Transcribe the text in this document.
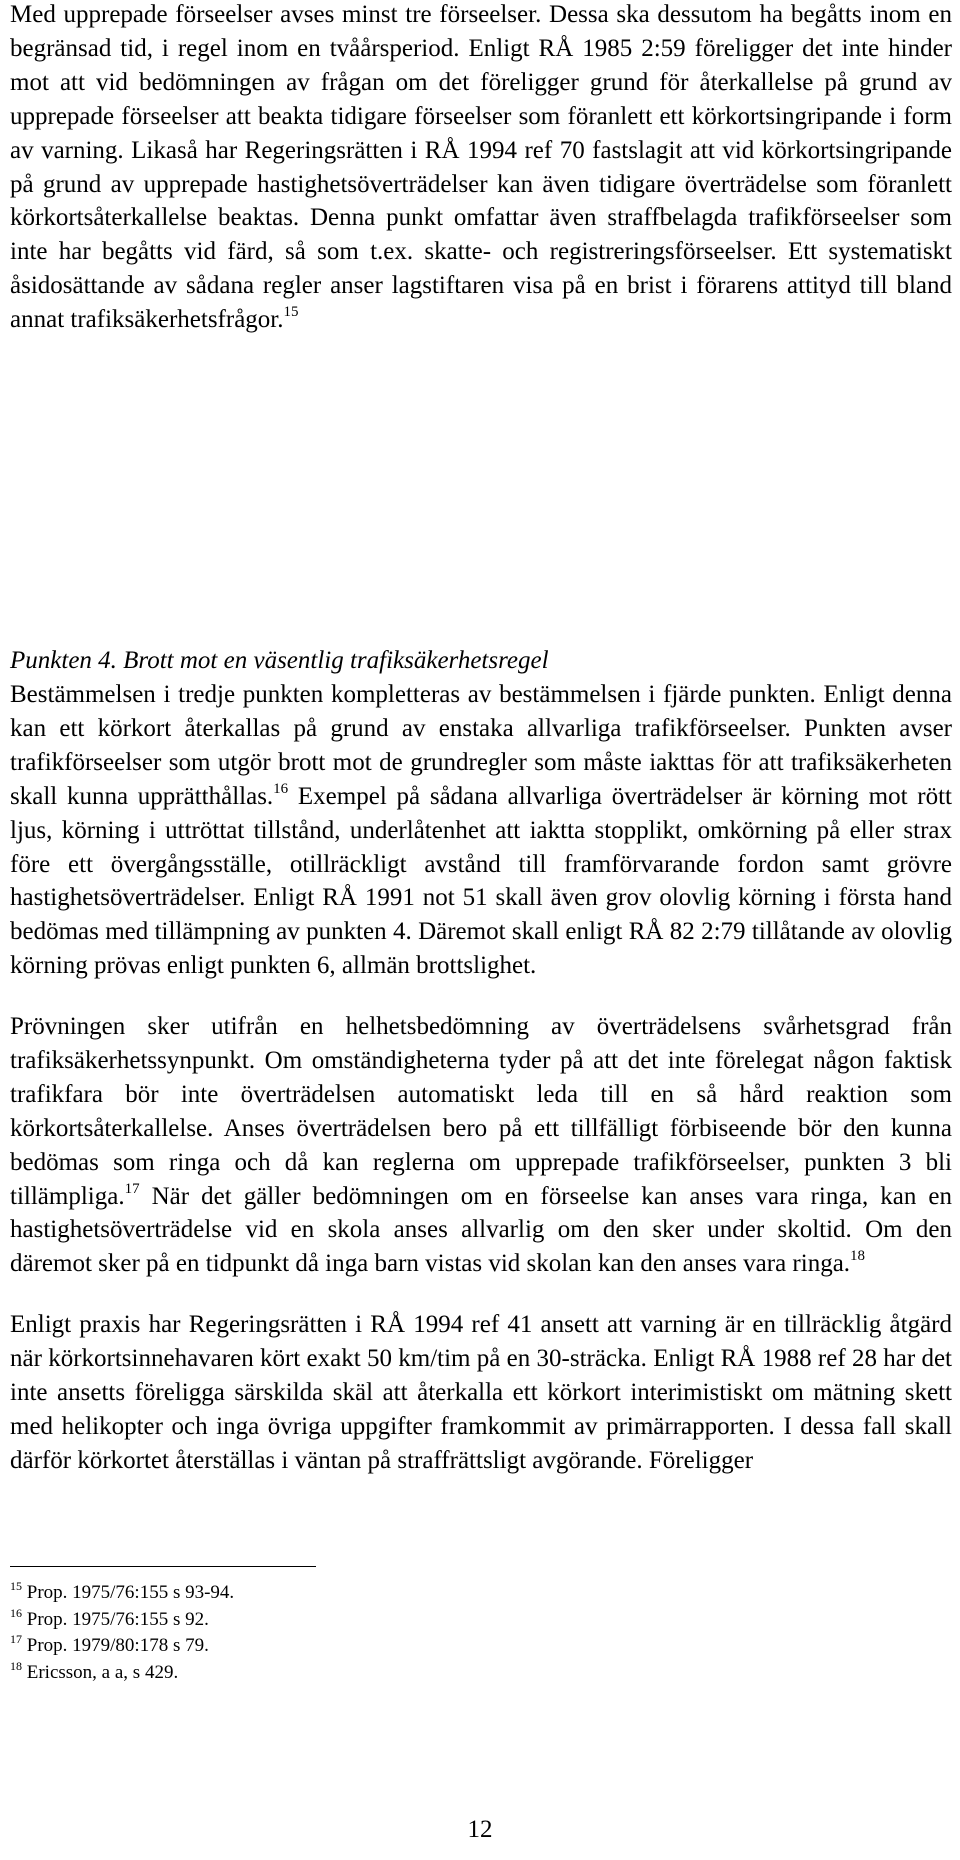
Med upprepade förseelser avses minst tre förseelser. Dessa ska dessutom ha begåtts inom en begränsad tid, i regel inom en tvåårsperiod. Enligt RÅ 1985 2:59 föreligger det inte hinder mot att vid bedömningen av frågan om det föreligger grund för återkallelse på grund av upprepade förseelser att beakta tidigare förseelser som föranlett ett körkortsingripande i form av varning. Likaså har Regeringsrätten i RÅ 1994 ref 70 fastslagit att vid körkortsingripande på grund av upprepade hastighetsöverträdelser kan även tidigare överträdelse som föranlett körkortsåterkallelse beaktas. Denna punkt omfattar även straffbelagda trafikförseelser som inte har begåtts vid färd, så som t.ex. skatte- och registreringsförseelser. Ett systematiskt åsidosättande av sådana regler anser lagstiftaren visa på en brist i förarens attityd till bland annat trafiksäkerhetsfrågor.$^{15}$

Punkten 4. Brott mot en väsentlig trafiksäkerhetsregel

Bestämmelsen i tredje punkten kompletteras av bestämmelsen i fjärde punkten. Enligt denna kan ett körkort återkallas på grund av enstaka allvarliga trafikförseelser. Punkten avser trafikförseelser som utgör brott mot de grundregler som måste iakttas för att trafiksäkerheten skall kunna upprätthållas.$^{16}$ Exempel på sådana allvarliga överträdelser är körning mot rött ljus, körning i uttröttat tillstånd, underlåtenhet att iaktta stopplikt, omkörning på eller strax före ett övergångsställe, otillräckligt avstånd till framförvarande fordon samt grövre hastighetsöverträdelser. Enligt RÅ 1991 not 51 skall även grov olovlig körning i första hand bedömas med tillämpning av punkten 4. Däremot skall enligt RÅ 82 2:79 tillåtande av olovlig körning prövas enligt punkten 6, allmän brottslighet.

Prövningen sker utifrån en helhetsbedömning av överträdelsens svårhetsgrad från trafiksäkerhetssynpunkt. Om omständigheterna tyder på att det inte förelegat någon faktisk trafikfara bör inte överträdelsen automatiskt leda till en så hård reaktion som körkortsåterkallelse. Anses överträdelsen bero på ett tillfälligt förbiseende bör den kunna bedömas som ringa och då kan reglerna om upprepade trafikförseelser, punkten 3 bli tillämpliga.$^{17}$ När det gäller bedömningen om en förseelse kan anses vara ringa, kan en hastighetsöverträdelse vid en skola anses allvarlig om den sker under skoltid. Om den däremot sker på en tidpunkt då inga barn vistas vid skolan kan den anses vara ringa.$^{18}$

Enligt praxis har Regeringsrätten i RÅ 1994 ref 41 ansett att varning är en tillräcklig åtgärd när körkortsinnehavaren kört exakt 50 km/tim på en 30-sträcka. Enligt RÅ 1988 ref 28 har det inte ansetts föreligga särskilda skäl att återkalla ett körkort interimistiskt om mätning skett med helikopter och inga övriga uppgifter framkommit av primärrapporten. I dessa fall skall därför körkortet återställas i väntan på straffrättsligt avgörande. Föreligger

$^{15}$ Prop. 1975/76:155 s 93-94.
$^{16}$ Prop. 1975/76:155 s 92.
$^{17}$ Prop. 1979/80:178 s 79.
$^{18}$ Ericsson, a a, s 429.
12
